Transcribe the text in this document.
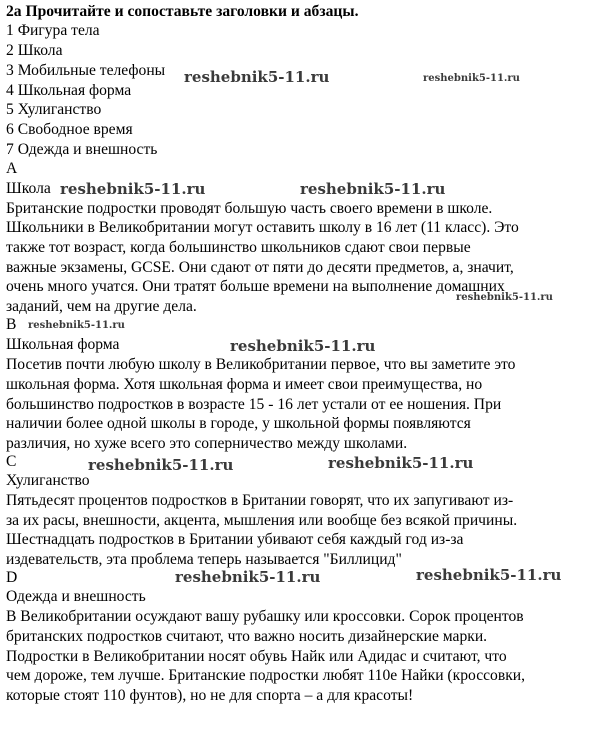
2a Прочитайте и сопоставьте заголовки и абзацы.
1 Фигура тела
2 Школа
3 Мобильные телефоны
4 Школьная форма
5 Хулиганство
6 Свободное время
7 Одежда и внешность
А
Школа
Британские подростки проводят большую часть своего времени в школе.
Школьники в Великобритании могут оставить школу в 16 лет (11 класс). Это
также тот возраст, когда большинство школьников сдают свои первые
важные экзамены, GCSE. Они сдают от пяти до десяти предметов, а, значит,
очень много учатся. Они тратят больше времени на выполнение домашних
заданий, чем на другие дела.
В
Школьная форма
Посетив почти любую школу в Великобритании первое, что вы заметите это
школьная форма. Хотя школьная форма и имеет свои преимущества, но
большинство подростков в возрасте 15 - 16 лет устали от ее ношения. При
наличии более одной школы в городе, у школьной формы появляются
различия, но хуже всего это соперничество между школами.
С
Хулиганство
Пятьдесят процентов подростков в Британии говорят, что их запугивают из-
за их расы, внешности, акцента, мышления или вообще без всякой причины.
Шестнадцать подростков в Британии убивают себя каждый год из-за
издевательств, эта проблема теперь называется "Биллицид"
D
Одежда и внешность
В Великобритании осуждают вашу рубашку или кроссовки. Сорок процентов
британских подростков считают, что важно носить дизайнерские марки.
Подростки в Великобритании носят обувь Найк или Адидас и считают, что
чем дороже, тем лучше. Британские подростки любят 110е Найки (кроссовки,
которые стоят 110 фунтов), но не для спорта – а для красоты!
reshebnik5-11.ru	reshebnik5-11.ru
reshebnik5-11.ru	reshebnik5-11.ru
reshebnik5-11.ru
reshebnik5-11.ru
reshebnik5-11.ru
reshebnik5-11.ru	reshebnik5-11.ru
reshebnik5-11.ru	reshebnik5-11.ru
